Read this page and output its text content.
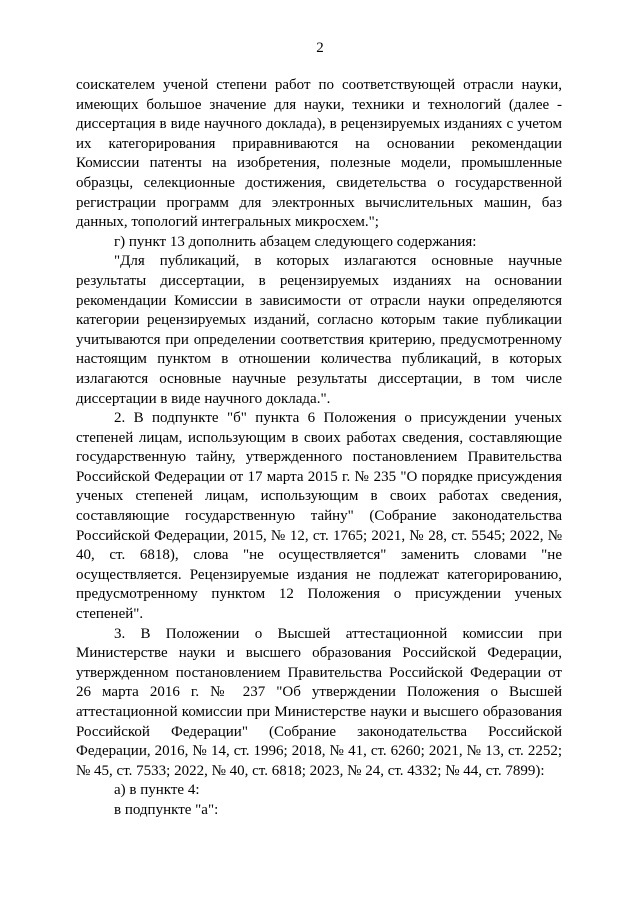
2

соискателем ученой степени работ по соответствующей отрасли науки, имеющих большое значение для науки, техники и технологий (далее - диссертация в виде научного доклада), в рецензируемых изданиях с учетом их категорирования приравниваются на основании рекомендации Комиссии патенты на изобретения, полезные модели, промышленные образцы, селекционные достижения, свидетельства о государственной регистрации программ для электронных вычислительных машин, баз данных, топологий интегральных микросхем.";

г) пункт 13 дополнить абзацем следующего содержания:

"Для публикаций, в которых излагаются основные научные результаты диссертации, в рецензируемых изданиях на основании рекомендации Комиссии в зависимости от отрасли науки определяются категории рецензируемых изданий, согласно которым такие публикации учитываются при определении соответствия критерию, предусмотренному настоящим пунктом в отношении количества публикаций, в которых излагаются основные научные результаты диссертации, в том числе диссертации в виде научного доклада.".

2. В подпункте "б" пункта 6 Положения о присуждении ученых степеней лицам, использующим в своих работах сведения, составляющие государственную тайну, утвержденного постановлением Правительства Российской Федерации от 17 марта 2015 г. № 235 "О порядке присуждения ученых степеней лицам, использующим в своих работах сведения, составляющие государственную тайну" (Собрание законодательства Российской Федерации, 2015, № 12, ст. 1765; 2021, № 28, ст. 5545; 2022, № 40, ст. 6818), слова "не осуществляется" заменить словами "не осуществляется. Рецензируемые издания не подлежат категорированию, предусмотренному пунктом 12 Положения о присуждении ученых степеней".

3. В Положении о Высшей аттестационной комиссии при Министерстве науки и высшего образования Российской Федерации, утвержденном постановлением Правительства Российской Федерации от 26 марта 2016 г. № 237 "Об утверждении Положения о Высшей аттестационной комиссии при Министерстве науки и высшего образования Российской Федерации" (Собрание законодательства Российской Федерации, 2016, № 14, ст. 1996; 2018, № 41, ст. 6260; 2021, № 13, ст. 2252; № 45, ст. 7533; 2022, № 40, ст. 6818; 2023, № 24, ст. 4332; № 44, ст. 7899):

а) в пункте 4:

в подпункте "а":
